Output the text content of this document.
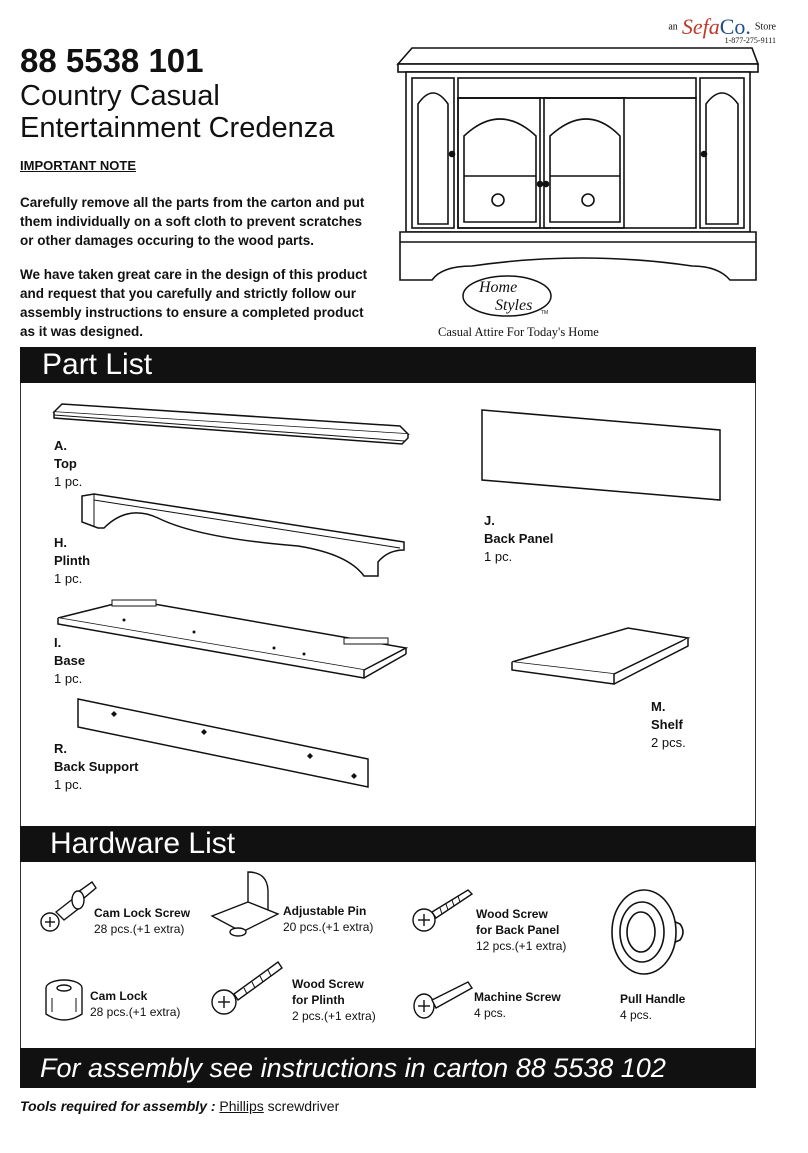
an SefaCo. Store
1-877-275-9111
88 5538 101
Country Casual
Entertainment Credenza
IMPORTANT NOTE
Carefully remove all the parts from the carton and put them individually on a soft cloth to prevent scratches or other damages occuring to the wood parts.
We have taken great care in the design of this product and request that you carefully and strictly follow our assembly instructions to ensure a completed product as it was designed.
Home
Styles TM
Casual Attire For Today's Home
Part List
A.
Top
1 pc.
H.
Plinth
1 pc.
I.
Base
1 pc.
R.
Back Support
1 pc.
J.
Back Panel
1 pc.
M.
Shelf
2 pcs.
Hardware List
Cam Lock Screw
28 pcs.(+1 extra)
Adjustable Pin
20 pcs.(+1 extra)
Wood Screw
for Back Panel
12 pcs.(+1 extra)
Cam Lock
28 pcs.(+1 extra)
Wood Screw
for Plinth
2 pcs.(+1 extra)
Machine Screw
4 pcs.
Pull Handle
4 pcs.
For assembly see instructions in carton 88 5538 102
Tools required for assembly : Phillips screwdriver
